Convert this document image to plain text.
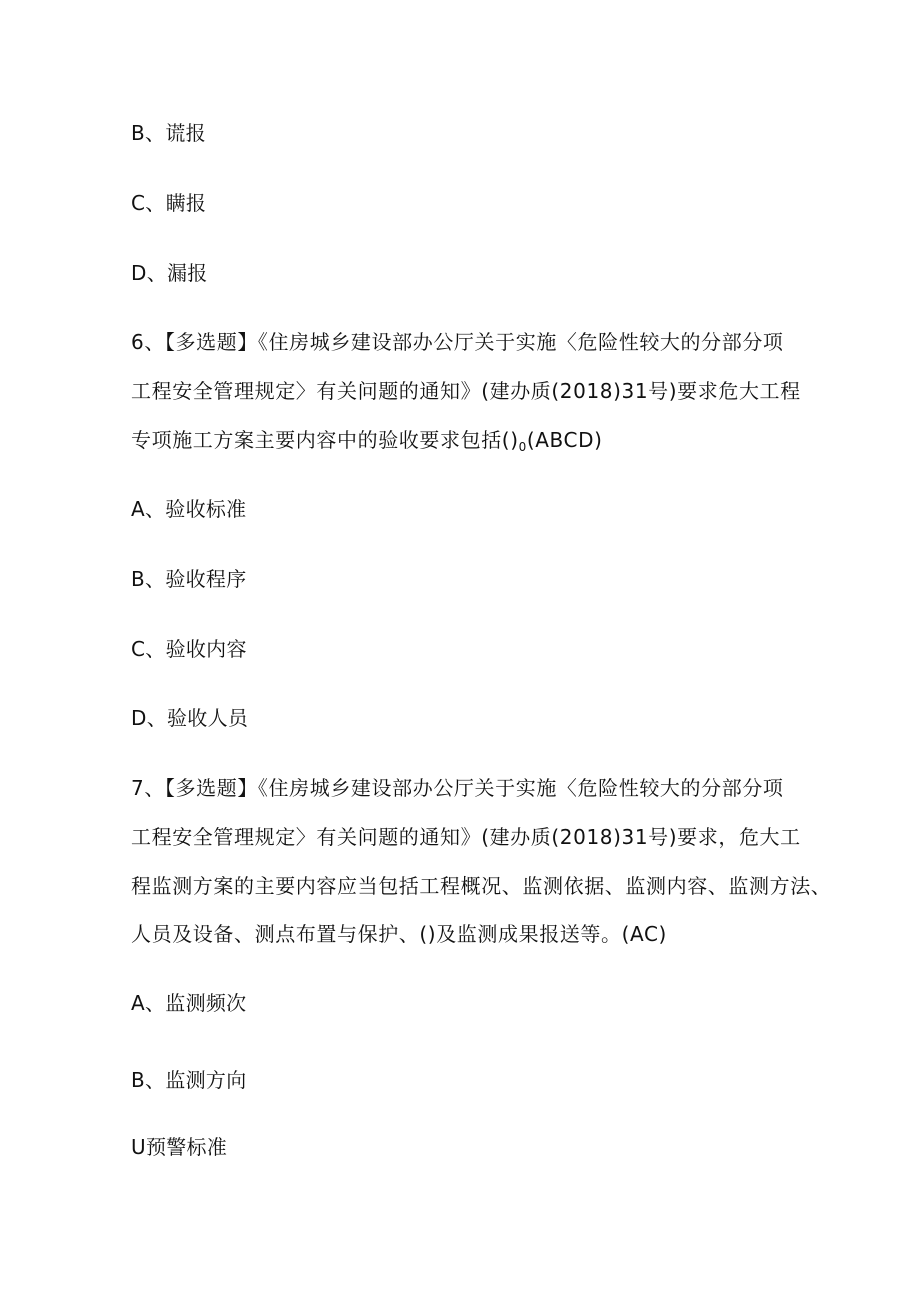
B、谎报
C、瞒报
D、漏报
6、【多选题】《住房城乡建设部办公厅关于实施〈危险性较大的分部分项
工程安全管理规定〉有关问题的通知》(建办质(2018)31号)要求危大工程
专项施工方案主要内容中的验收要求包括$()_0(ABCD)$
A、验收标准
B、验收程序
C、验收内容
D、验收人员
7、【多选题】《住房城乡建设部办公厅关于实施〈危险性较大的分部分项
工程安全管理规定〉有关问题的通知》(建办质(2018)31号)要求，危大工
程监测方案的主要内容应当包括工程概况、监测依据、监测内容、监测方法、
人员及设备、测点布置与保护、()及监测成果报送等。(AC)
A、监测频次
B、监测方向
U预警标准
